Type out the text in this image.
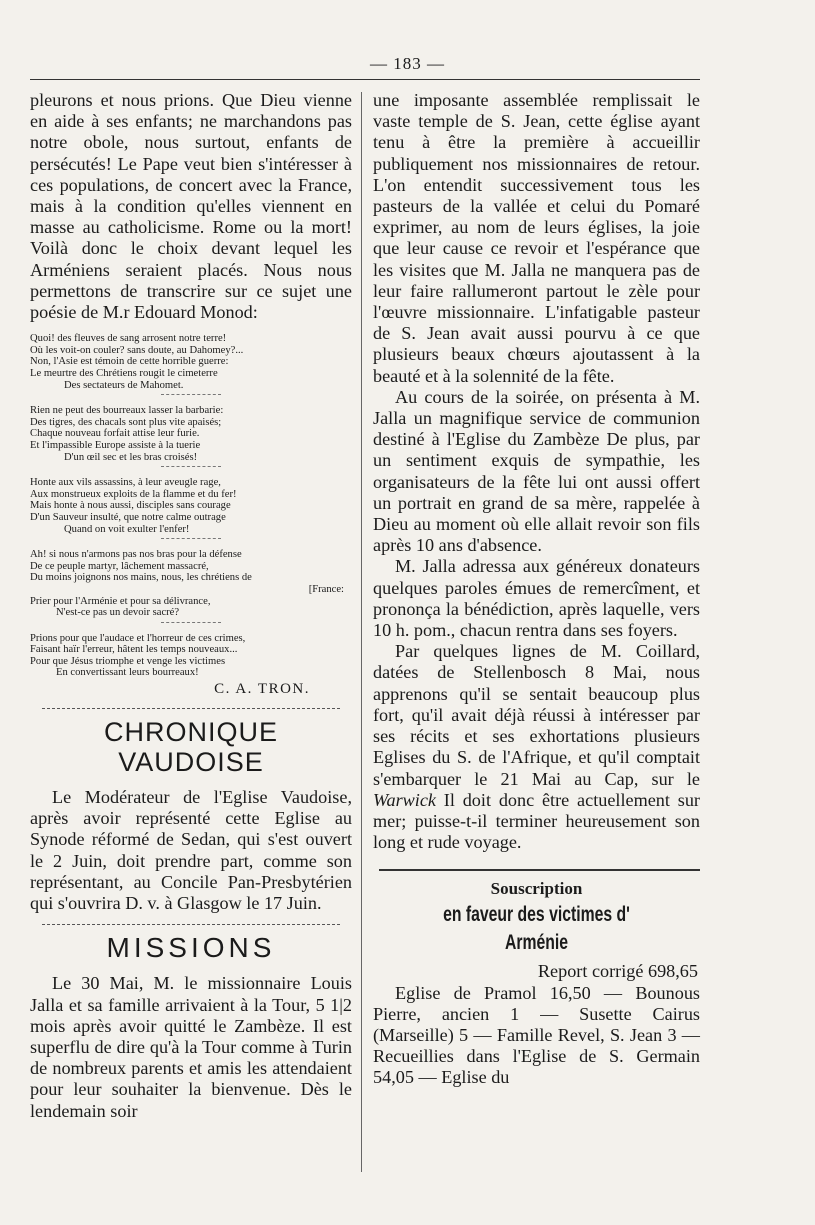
— 183 —

pleurons et nous prions. Que Dieu vienne en aide à ses enfants; ne marchandons pas notre obole, nous surtout, enfants de persécutés! Le Pape veut bien s'intéresser à ces populations, de concert avec la France, mais à la condition qu'elles viennent en masse au catholicisme. Rome ou la mort! Voilà donc le choix devant lequel les Arméniens seraient placés. Nous nous permettons de transcrire sur ce sujet une poésie de M.r Edouard Monod:

Quoi! des fleuves de sang arrosent notre terre!
Où les voit-on couler? sans doute, au Dahomey?...
Non, l'Asie est témoin de cette horrible guerre:
Le meurtre des Chrétiens rougit le cimeterre
Des sectateurs de Mahomet.
Rien ne peut des bourreaux lasser la barbarie:
Des tigres, des chacals sont plus vite apaisés;
Chaque nouveau forfait attise leur furie.
Et l'impassible Europe assiste à la tuerie
D'un œil sec et les bras croisés!
Honte aux vils assassins, à leur aveugle rage,
Aux monstrueux exploits de la flamme et du fer!
Mais honte à nous aussi, disciples sans courage
D'un Sauveur insulté, que notre calme outrage
Quand on voit exulter l'enfer!
Ah! si nous n'armons pas nos bras pour la défense
De ce peuple martyr, lâchement massacré,
Du moins joignons nos mains, nous, les chrétiens de
[France:
Prier pour l'Arménie et pour sa délivrance,
N'est-ce pas un devoir sacré?
Prions pour que l'audace et l'horreur de ces crimes,
Faisant haïr l'erreur, hâtent les temps nouveaux...
Pour que Jésus triomphe et venge les victimes
En convertissant leurs bourreaux!
C. A. TRON.
CHRONIQUE VAUDOISE

Le Modérateur de l'Eglise Vaudoise, après avoir représenté cette Eglise au Synode réformé de Sedan, qui s'est ouvert le 2 Juin, doit prendre part, comme son représentant, au Concile Pan-Presbytérien qui s'ouvrira D. v. à Glasgow le 17 Juin.

MISSIONS

Le 30 Mai, M. le missionnaire Louis Jalla et sa famille arrivaient à la Tour, 5 1|2 mois après avoir quitté le Zambèze. Il est superflu de dire qu'à la Tour comme à Turin de nombreux parents et amis les attendaient pour leur souhaiter la bienvenue. Dès le lendemain soir

une imposante assemblée remplissait le vaste temple de S. Jean, cette église ayant tenu à être la première à accueillir publiquement nos missionnaires de retour. L'on entendit successivement tous les pasteurs de la vallée et celui du Pomaré exprimer, au nom de leurs églises, la joie que leur cause ce revoir et l'espérance que les visites que M. Jalla ne manquera pas de leur faire rallumeront partout le zèle pour l'œuvre missionnaire. L'infatigable pasteur de S. Jean avait aussi pourvu à ce que plusieurs beaux chœurs ajoutassent à la beauté et à la solennité de la fête.

Au cours de la soirée, on présenta à M. Jalla un magnifique service de communion destiné à l'Eglise du Zambèze De plus, par un sentiment exquis de sympathie, les organisateurs de la fête lui ont aussi offert un portrait en grand de sa mère, rappelée à Dieu au moment où elle allait revoir son fils après 10 ans d'absence.

M. Jalla adressa aux généreux donateurs quelques paroles émues de remercîment, et prononça la bénédiction, après laquelle, vers 10 h. pom., chacun rentra dans ses foyers.

Par quelques lignes de M. Coillard, datées de Stellenbosch 8 Mai, nous apprenons qu'il se sentait beaucoup plus fort, qu'il avait déjà réussi à intéresser par ses récits et ses exhortations plusieurs Eglises du S. de l'Afrique, et qu'il comptait s'embarquer le 21 Mai au Cap, sur le Warwick Il doit donc être actuellement sur mer; puisse-t-il terminer heureusement son long et rude voyage.

Souscription
en faveur des victimes d' Arménie
Report corrigé 698,65

Eglise de Pramol 16,50 — Bounous Pierre, ancien 1 — Susette Cairus (Marseille) 5 — Famille Revel, S. Jean 3 — Recueillies dans l'Eglise de S. Germain 54,05 — Eglise du
